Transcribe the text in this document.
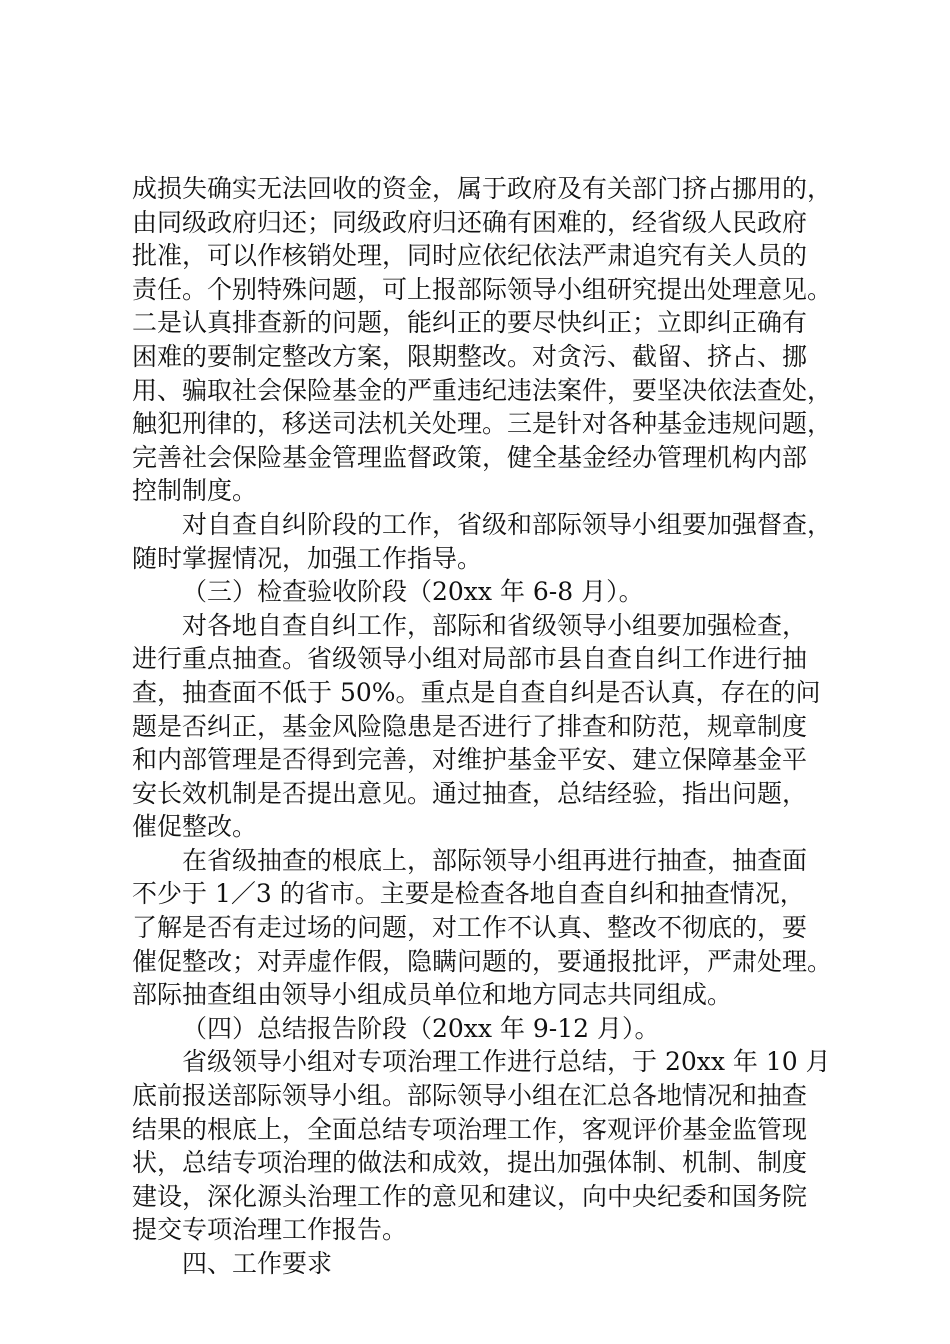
成损失确实无法回收的资金，属于政府及有关部门挤占挪用的，
由同级政府归还；同级政府归还确有困难的，经省级人民政府
批准，可以作核销处理，同时应依纪依法严肃追究有关人员的
责任。个别特殊问题，可上报部际领导小组研究提出处理意见。
二是认真排查新的问题，能纠正的要尽快纠正；立即纠正确有
困难的要制定整改方案，限期整改。对贪污、截留、挤占、挪
用、骗取社会保险基金的严重违纪违法案件，要坚决依法查处，
触犯刑律的，移送司法机关处理。三是针对各种基金违规问题，
完善社会保险基金管理监督政策，健全基金经办管理机构内部
控制制度。
对自查自纠阶段的工作，省级和部际领导小组要加强督查，
随时掌握情况，加强工作指导。
（三）检查验收阶段（20xx 年 6-8 月）。
对各地自查自纠工作，部际和省级领导小组要加强检查，
进行重点抽查。省级领导小组对局部市县自查自纠工作进行抽
查，抽查面不低于 50%。重点是自查自纠是否认真，存在的问
题是否纠正，基金风险隐患是否进行了排查和防范，规章制度
和内部管理是否得到完善，对维护基金平安、建立保障基金平
安长效机制是否提出意见。通过抽查，总结经验，指出问题，
催促整改。
在省级抽查的根底上，部际领导小组再进行抽查，抽查面
不少于 1／3 的省市。主要是检查各地自查自纠和抽查情况，
了解是否有走过场的问题，对工作不认真、整改不彻底的，要
催促整改；对弄虚作假，隐瞒问题的，要通报批评，严肃处理。
部际抽查组由领导小组成员单位和地方同志共同组成。
（四）总结报告阶段（20xx 年 9-12 月）。
省级领导小组对专项治理工作进行总结，于 20xx 年 10 月
底前报送部际领导小组。部际领导小组在汇总各地情况和抽查
结果的根底上，全面总结专项治理工作，客观评价基金监管现
状，总结专项治理的做法和成效，提出加强体制、机制、制度
建设，深化源头治理工作的意见和建议，向中央纪委和国务院
提交专项治理工作报告。
四、工作要求
